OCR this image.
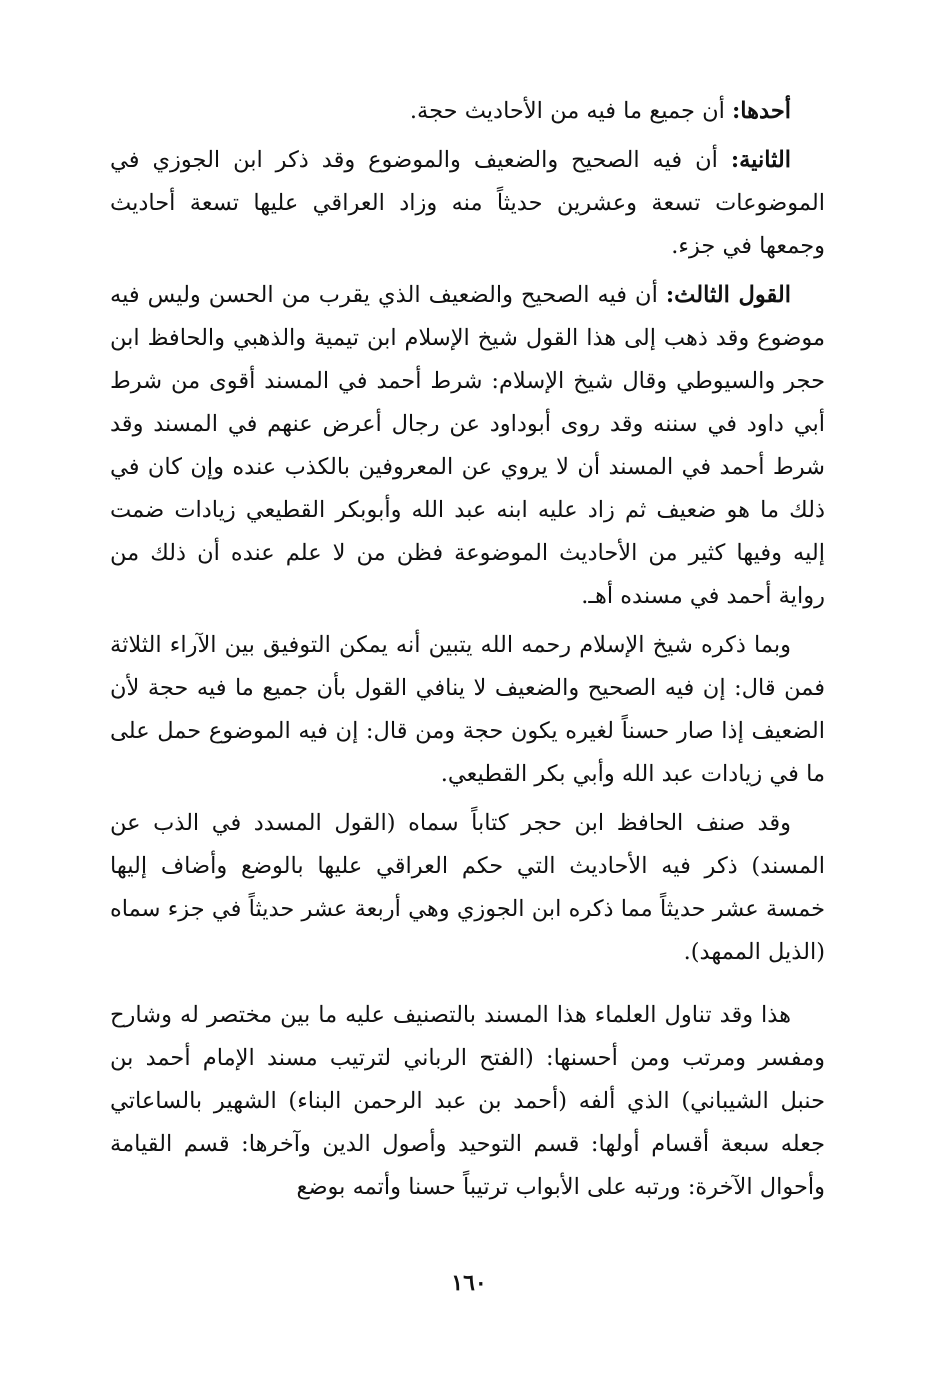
أحدها: أن جميع ما فيه من الأحاديث حجة.

الثانية: أن فيه الصحيح والضعيف والموضوع وقد ذكر ابن الجوزي في الموضوعات تسعة وعشرين حديثاً منه وزاد العراقي عليها تسعة أحاديث وجمعها في جزء.

القول الثالث: أن فيه الصحيح والضعيف الذي يقرب من الحسن وليس فيه موضوع وقد ذهب إلى هذا القول شيخ الإسلام ابن تيمية والذهبي والحافظ ابن حجر والسيوطي وقال شيخ الإسلام: شرط أحمد في المسند أقوى من شرط أبي داود في سننه وقد روى أبوداود عن رجال أعرض عنهم في المسند وقد شرط أحمد في المسند أن لا يروي عن المعروفين بالكذب عنده وإن كان في ذلك ما هو ضعيف ثم زاد عليه ابنه عبد الله وأبوبكر القطيعي زيادات ضمت إليه وفيها كثير من الأحاديث الموضوعة فظن من لا علم عنده أن ذلك من رواية أحمد في مسنده أهـ.

وبما ذكره شيخ الإسلام رحمه الله يتبين أنه يمكن التوفيق بين الآراء الثلاثة فمن قال: إن فيه الصحيح والضعيف لا ينافي القول بأن جميع ما فيه حجة لأن الضعيف إذا صار حسناً لغيره يكون حجة ومن قال: إن فيه الموضوع حمل على ما في زيادات عبد الله وأبي بكر القطيعي.

وقد صنف الحافظ ابن حجر كتاباً سماه (القول المسدد في الذب عن المسند) ذكر فيه الأحاديث التي حكم العراقي عليها بالوضع وأضاف إليها خمسة عشر حديثاً مما ذكره ابن الجوزي وهي أربعة عشر حديثاً في جزء سماه (الذيل الممهد).

هذا وقد تناول العلماء هذا المسند بالتصنيف عليه ما بين مختصر له وشارح ومفسر ومرتب ومن أحسنها: (الفتح الرباني لترتيب مسند الإمام أحمد بن حنبل الشيباني) الذي ألفه (أحمد بن عبد الرحمن البناء) الشهير بالساعاتي جعله سبعة أقسام أولها: قسم التوحيد وأصول الدين وآخرها: قسم القيامة وأحوال الآخرة: ورتبه على الأبواب ترتيباً حسنا وأتمه بوضع

١٦٠
